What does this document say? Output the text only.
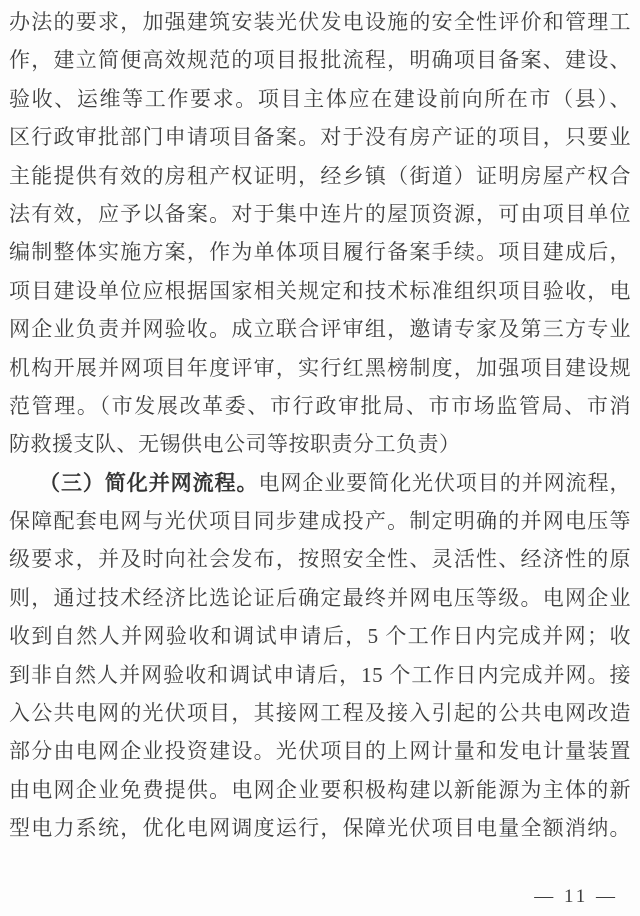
办法的要求，加强建筑安装光伏发电设施的安全性评价和管理工
作，建立简便高效规范的项目报批流程，明确项目备案、建设、
验收、运维等工作要求。项目主体应在建设前向所在市（县）、
区行政审批部门申请项目备案。对于没有房产证的项目，只要业
主能提供有效的房租产权证明，经乡镇（街道）证明房屋产权合
法有效，应予以备案。对于集中连片的屋顶资源，可由项目单位
编制整体实施方案，作为单体项目履行备案手续。项目建成后，
项目建设单位应根据国家相关规定和技术标准组织项目验收，电
网企业负责并网验收。成立联合评审组，邀请专家及第三方专业
机构开展并网项目年度评审，实行红黑榜制度，加强项目建设规
范管理。（市发展改革委、市行政审批局、市市场监管局、市消
防救援支队、无锡供电公司等按职责分工负责）
（三）简化并网流程。电网企业要简化光伏项目的并网流程，
保障配套电网与光伏项目同步建成投产。制定明确的并网电压等
级要求，并及时向社会发布，按照安全性、灵活性、经济性的原
则，通过技术经济比选论证后确定最终并网电压等级。电网企业
收到自然人并网验收和调试申请后，5 个工作日内完成并网；收
到非自然人并网验收和调试申请后，15 个工作日内完成并网。接
入公共电网的光伏项目，其接网工程及接入引起的公共电网改造
部分由电网企业投资建设。光伏项目的上网计量和发电计量装置
由电网企业免费提供。电网企业要积极构建以新能源为主体的新
型电力系统，优化电网调度运行，保障光伏项目电量全额消纳。
— 11 —
